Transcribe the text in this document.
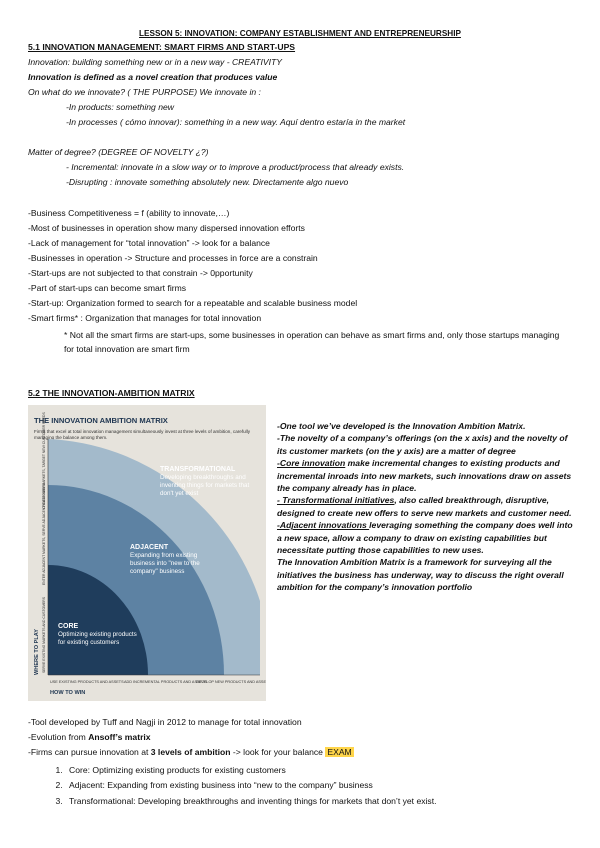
LESSON 5: INNOVATION: COMPANY ESTABLISHMENT AND ENTREPRENEURSHIP
5.1 INNOVATION MANAGEMENT: SMART FIRMS AND START-UPS
Innovation: building something new or in a new way - CREATIVITY
Innovation is defined as a novel creation that produces value
On what do we innovate? ( THE PURPOSE) We innovate in :
-In products: something new
-In processes ( cómo innovar): something in a new way. Aquí dentro estaría in the market
Matter of degree? (DEGREE OF NOVELTY ¿?)
- Incremental: innovate in a slow way or to improve a product/process that already exists.
-Disrupting : innovate something absolutely new. Directamente algo nuevo
-Business Competitiveness = f (ability to innovate,…)
-Most of businesses in operation show many dispersed innovation efforts
-Lack of management for “total innovation” -> look for a balance
-Businesses in operation -> Structure and processes in force are a constrain
-Start-ups are not subjected to that constrain -> 0pportunity
-Part of start-ups can become smart firms
-Start-up: Organization formed to search for a repeatable and scalable business model
-Smart firms* : Organization that manages for total innovation
* Not all the smart firms are start-ups, some businesses in operation can behave as smart firms and, only those startups managing for total innovation are smart firm
5.2 THE INNOVATION-AMBITION MATRIX
THE INNOVATION AMBITION MATRIX
Firms that excel at total innovation management simultaneously invest at three levels of ambition, carefully managing the balance among them.
TRANSFORMATIONAL
Developing breakthroughs and inventing things for markets that don't yet exist
ADJACENT
Expanding from existing business into "new to the company" business
CORE
Optimizing existing products for existing customers
WHERE TO PLAY SERVE EXISTING MARKETS AND CUSTOMERS
ENTER ADJACENT MARKETS, SERVE ADJACENT CUSTOMERS
CREATE NEW MARKETS, TARGET NEW CUSTOMER NEEDS
USE EXISTING PRODUCTS AND ASSETS ADD INCREMENTAL PRODUCTS AND ASSETS
DEVELOP NEW PRODUCTS AND ASSETS
HOW TO WIN
-One tool we’ve developed is the Innovation Ambition Matrix.
-The novelty of a company’s offerings (on the x axis) and the novelty of its customer markets (on the y axis) are a matter of degree
-Core innovation make incremental changes to existing products and incremental inroads into new markets, such innovations draw on assets the company already has in place.
- Transformational initiatives, also called breakthrough, disruptive, designed to create new offers to serve new markets and customer need.
-Adjacent innovations leveraging something the company does well into a new space, allow a company to draw on existing capabilities but necessitate putting those capabilities to new uses.
The Innovation Ambition Matrix is a framework for surveying all the initiatives the business has underway, way to discuss the right overall ambition for the company’s innovation portfolio
-Tool developed by Tuff and Nagji in 2012 to manage for total innovation
-Evolution from Ansoff’s matrix
-Firms can pursue innovation at 3 levels of ambition -> look for your balance EXAM
1. Core: Optimizing existing products for existing customers
2. Adjacent: Expanding from existing business into “new to the company” business
3. Transformational: Developing breakthroughs and inventing things for markets that don’t yet exist.
